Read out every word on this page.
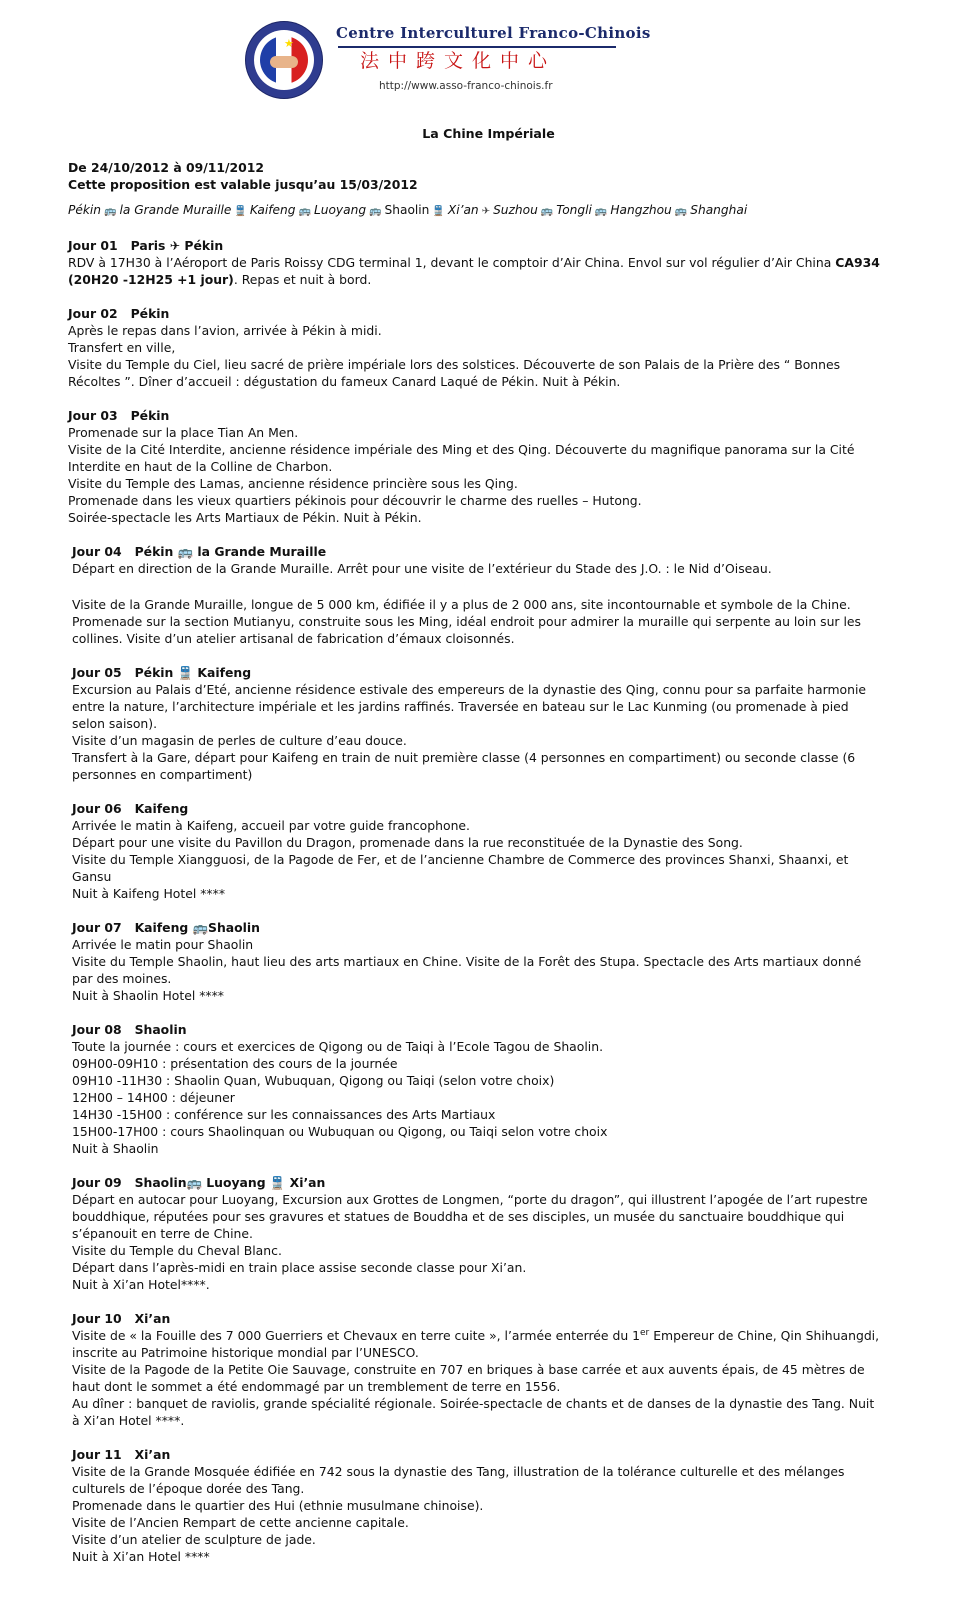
★
Centre Interculturel Franco-Chinois
法中跨文化中心
http://www.asso-franco-chinois.fr
La Chine Impériale
De 24/10/2012 à 09/11/2012
Cette proposition est valable jusqu’au 15/03/2012
Pékin 🚌 la Grande Muraille 🚆 Kaifeng 🚌 Luoyang 🚌 Shaolin 🚆 Xi’an ✈ Suzhou 🚌 Tongli 🚌 Hangzhou 🚌 Shanghai
Jour 01 Paris ✈ Pékin
RDV à 17H30 à l’Aéroport de Paris Roissy CDG terminal 1, devant le comptoir d’Air China. Envol sur vol régulier d’Air China CA934 (20H20 -12H25 +1 jour). Repas et nuit à bord.
Jour 02 Pékin
Après le repas dans l’avion, arrivée à Pékin à midi.
Transfert en ville,
Visite du Temple du Ciel, lieu sacré de prière impériale lors des solstices. Découverte de son Palais de la Prière des “ Bonnes Récoltes ”. Dîner d’accueil : dégustation du fameux Canard Laqué de Pékin. Nuit à Pékin.
Jour 03 Pékin
Promenade sur la place Tian An Men.
Visite de la Cité Interdite, ancienne résidence impériale des Ming et des Qing. Découverte du magnifique panorama sur la Cité Interdite en haut de la Colline de Charbon.
Visite du Temple des Lamas, ancienne résidence princière sous les Qing.
Promenade dans les vieux quartiers pékinois pour découvrir le charme des ruelles – Hutong.
Soirée-spectacle les Arts Martiaux de Pékin. Nuit à Pékin.
Jour 04 Pékin 🚌 la Grande Muraille
Départ en direction de la Grande Muraille. Arrêt pour une visite de l’extérieur du Stade des J.O. : le Nid d’Oiseau.
Visite de la Grande Muraille, longue de 5 000 km, édifiée il y a plus de 2 000 ans, site incontournable et symbole de la Chine. Promenade sur la section Mutianyu, construite sous les Ming, idéal endroit pour admirer la muraille qui serpente au loin sur les collines. Visite d’un atelier artisanal de fabrication d’émaux cloisonnés.
Jour 05 Pékin 🚆 Kaifeng
Excursion au Palais d’Eté, ancienne résidence estivale des empereurs de la dynastie des Qing, connu pour sa parfaite harmonie entre la nature, l’architecture impériale et les jardins raffinés. Traversée en bateau sur le Lac Kunming (ou promenade à pied selon saison).
Visite d’un magasin de perles de culture d’eau douce.
Transfert à la Gare, départ pour Kaifeng en train de nuit première classe (4 personnes en compartiment) ou seconde classe (6 personnes en compartiment)
Jour 06 Kaifeng
Arrivée le matin à Kaifeng, accueil par votre guide francophone.
Départ pour une visite du Pavillon du Dragon, promenade dans la rue reconstituée de la Dynastie des Song.
Visite du Temple Xiangguosi, de la Pagode de Fer, et de l’ancienne Chambre de Commerce des provinces Shanxi, Shaanxi, et Gansu
Nuit à Kaifeng Hotel ****
Jour 07 Kaifeng 🚌Shaolin
Arrivée le matin pour Shaolin
Visite du Temple Shaolin, haut lieu des arts martiaux en Chine. Visite de la Forêt des Stupa. Spectacle des Arts martiaux donné par des moines.
Nuit à Shaolin Hotel ****
Jour 08 Shaolin
Toute la journée : cours et exercices de Qigong ou de Taiqi à l’Ecole Tagou de Shaolin.
09H00-09H10 : présentation des cours de la journée
09H10 -11H30 : Shaolin Quan, Wubuquan, Qigong ou Taiqi (selon votre choix)
12H00 – 14H00 : déjeuner
14H30 -15H00 : conférence sur les connaissances des Arts Martiaux
15H00-17H00 : cours Shaolinquan ou Wubuquan ou Qigong, ou Taiqi selon votre choix
Nuit à Shaolin
Jour 09 Shaolin🚌 Luoyang 🚆 Xi’an
Départ en autocar pour Luoyang, Excursion aux Grottes de Longmen, “porte du dragon”, qui illustrent l’apogée de l’art rupestre bouddhique, réputées pour ses gravures et statues de Bouddha et de ses disciples, un musée du sanctuaire bouddhique qui s’épanouit en terre de Chine.
Visite du Temple du Cheval Blanc.
Départ dans l’après-midi en train place assise seconde classe pour Xi’an.
Nuit à Xi’an Hotel****.
Jour 10 Xi’an
Visite de « la Fouille des 7 000 Guerriers et Chevaux en terre cuite », l’armée enterrée du 1er Empereur de Chine, Qin Shihuangdi, inscrite au Patrimoine historique mondial par l’UNESCO.
Visite de la Pagode de la Petite Oie Sauvage, construite en 707 en briques à base carrée et aux auvents épais, de 45 mètres de haut dont le sommet a été endommagé par un tremblement de terre en 1556.
Au dîner : banquet de raviolis, grande spécialité régionale. Soirée-spectacle de chants et de danses de la dynastie des Tang. Nuit à Xi’an Hotel ****.
Jour 11 Xi’an
Visite de la Grande Mosquée édifiée en 742 sous la dynastie des Tang, illustration de la tolérance culturelle et des mélanges culturels de l’époque dorée des Tang.
Promenade dans le quartier des Hui (ethnie musulmane chinoise).
Visite de l’Ancien Rempart de cette ancienne capitale.
Visite d’un atelier de sculpture de jade.
Nuit à Xi’an Hotel ****
